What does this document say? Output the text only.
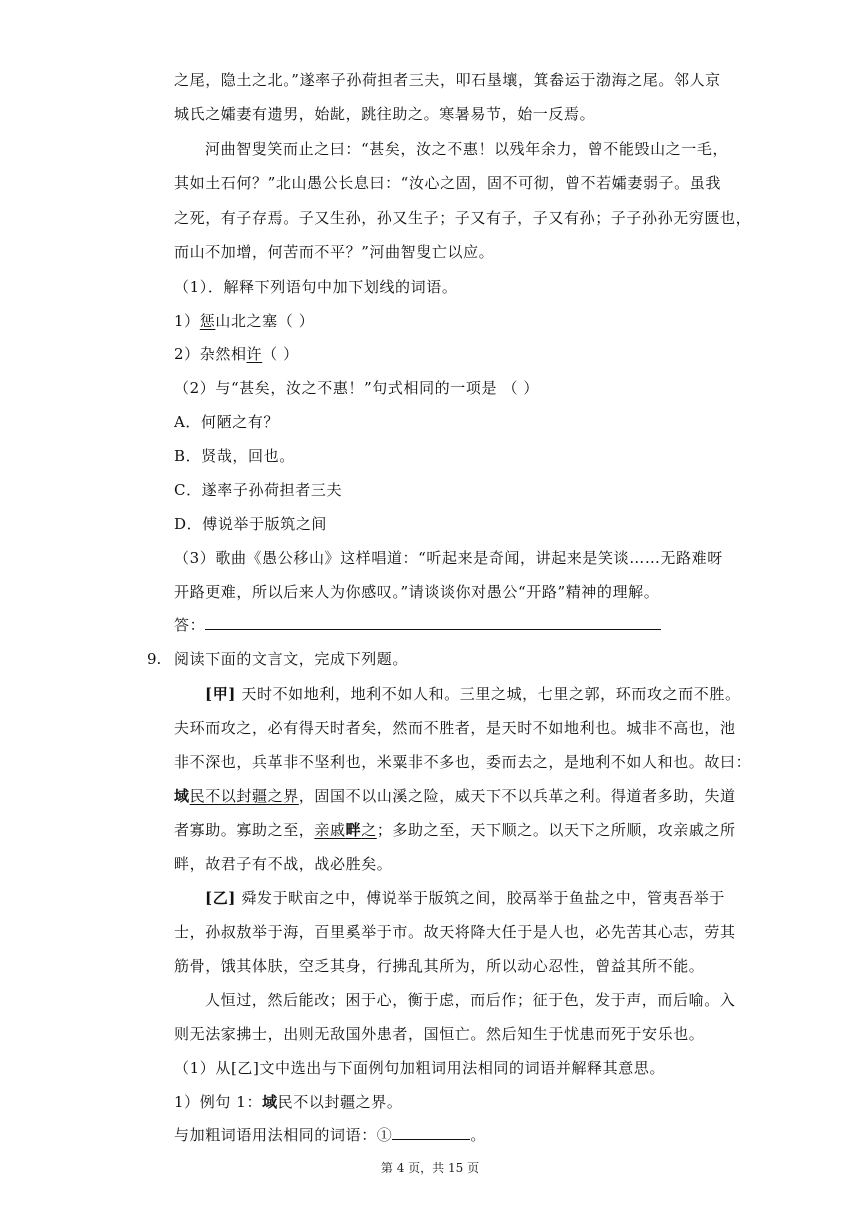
之尾，隐土之北。”遂率子孙荷担者三夫，叩石垦壤，箕畚运于渤海之尾。邻人京
城氏之孀妻有遗男，始龀，跳往助之。寒暑易节，始一反焉。
河曲智叟笑而止之曰：“甚矣，汝之不惠！以残年余力，曾不能毁山之一毛，
其如土石何？”北山愚公长息曰：“汝心之固，固不可彻，曾不若孀妻弱子。虽我
之死，有子存焉。子又生孙，孙又生子；子又有子，子又有孙；子子孙孙无穷匮也，
而山不加增，何苦而不平？”河曲智叟亡以应。
（1）．解释下列语句中加下划线的词语。
1）惩山北之塞（ ）
2）杂然相许（ ）
（2）与“甚矣，汝之不惠！”句式相同的一项是 （ ）
A．何陋之有？
B．贤哉，回也。
C．遂率子孙荷担者三夫
D．傅说举于版筑之间
（3）歌曲《愚公移山》这样唱道：“听起来是奇闻，讲起来是笑谈……无路难呀
开路更难，所以后来人为你感叹。”请谈谈你对愚公“开路”精神的理解。
答：
9. 阅读下面的文言文，完成下列题。
[甲] 天时不如地利，地利不如人和。三里之城，七里之郭，环而攻之而不胜。
夫环而攻之，必有得天时者矣，然而不胜者，是天时不如地利也。城非不高也，池
非不深也，兵革非不坚利也，米粟非不多也，委而去之，是地利不如人和也。故曰：
域民不以封疆之界，固国不以山溪之险，威天下不以兵革之利。得道者多助，失道
者寡助。寡助之至，亲戚畔之；多助之至，天下顺之。以天下之所顺，攻亲戚之所
畔，故君子有不战，战必胜矣。
[乙] 舜发于畎亩之中，傅说举于版筑之间，胶鬲举于鱼盐之中，管夷吾举于
士，孙叔敖举于海，百里奚举于市。故天将降大任于是人也，必先苦其心志，劳其
筋骨，饿其体肤，空乏其身，行拂乱其所为，所以动心忍性，曾益其所不能。
人恒过，然后能改；困于心，衡于虑，而后作；征于色，发于声，而后喻。入
则无法家拂士，出则无敌国外患者，国恒亡。然后知生于忧患而死于安乐也。
（1）从[乙]文中选出与下面例句加粗词用法相同的词语并解释其意思。
1）例句 1：域民不以封疆之界。
与加粗词语用法相同的词语：①	。
第 4 页，共 15 页
